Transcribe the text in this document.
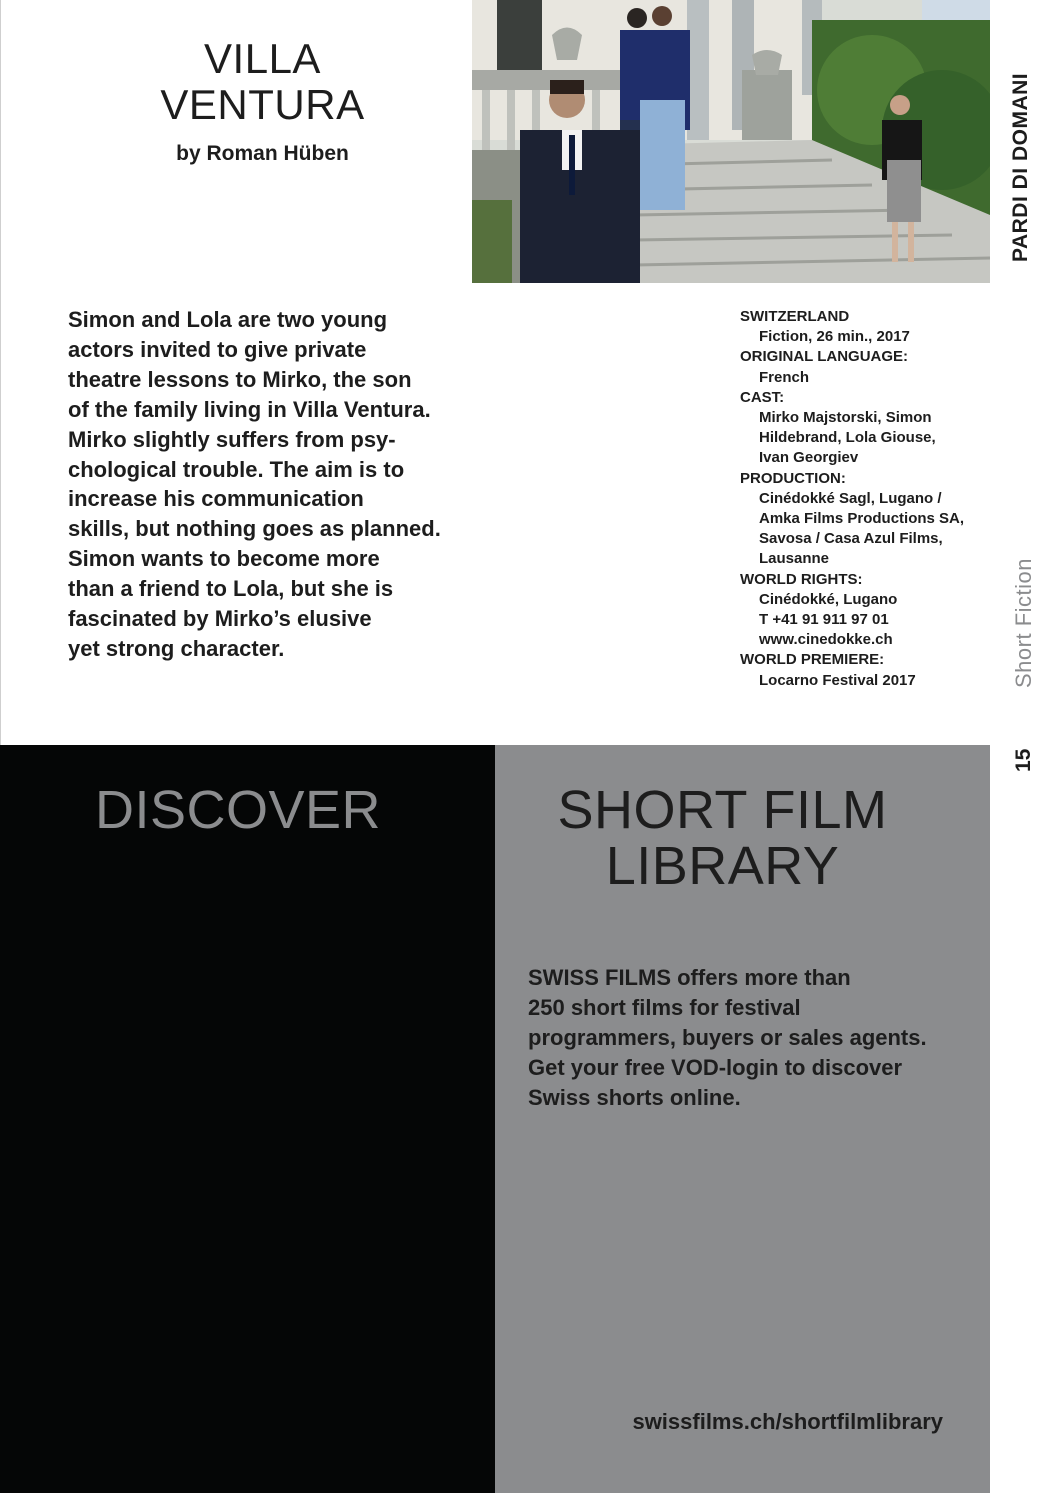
VILLA
VENTURA
by Roman Hüben

Simon and Lola are two young
actors invited to give private
theatre lessons to Mirko, the son
of the family living in Villa Ventura.
Mirko slightly suffers from psy-
chological trouble. The aim is to
increase his communication
skills, but nothing goes as planned.
Simon wants to become more
than a friend to Lola, but she is
fascinated by Mirko’s elusive
yet strong character.

SWITZERLAND
Fiction, 26 min., 2017
ORIGINAL LANGUAGE:
French
CAST:
Mirko Majstorski, Simon
Hildebrand, Lola Giouse,
Ivan Georgiev
PRODUCTION:
Cinédokké Sagl, Lugano /
Amka Films Productions SA,
Savosa / Casa Azul Films,
Lausanne
WORLD RIGHTS:
Cinédokké, Lugano
T +41 91 911 97 01
www.cinedokke.ch
WORLD PREMIERE:
Locarno Festival 2017
PARDI DI DOMANI
Short Fiction
15
DISCOVER	SHORT FILM
LIBRARY

SWISS FILMS offers more than
250 short films for festival
programmers, buyers or sales agents.
Get your free VOD-login to discover
Swiss shorts online.

swissfilms.ch/shortfilmlibrary
